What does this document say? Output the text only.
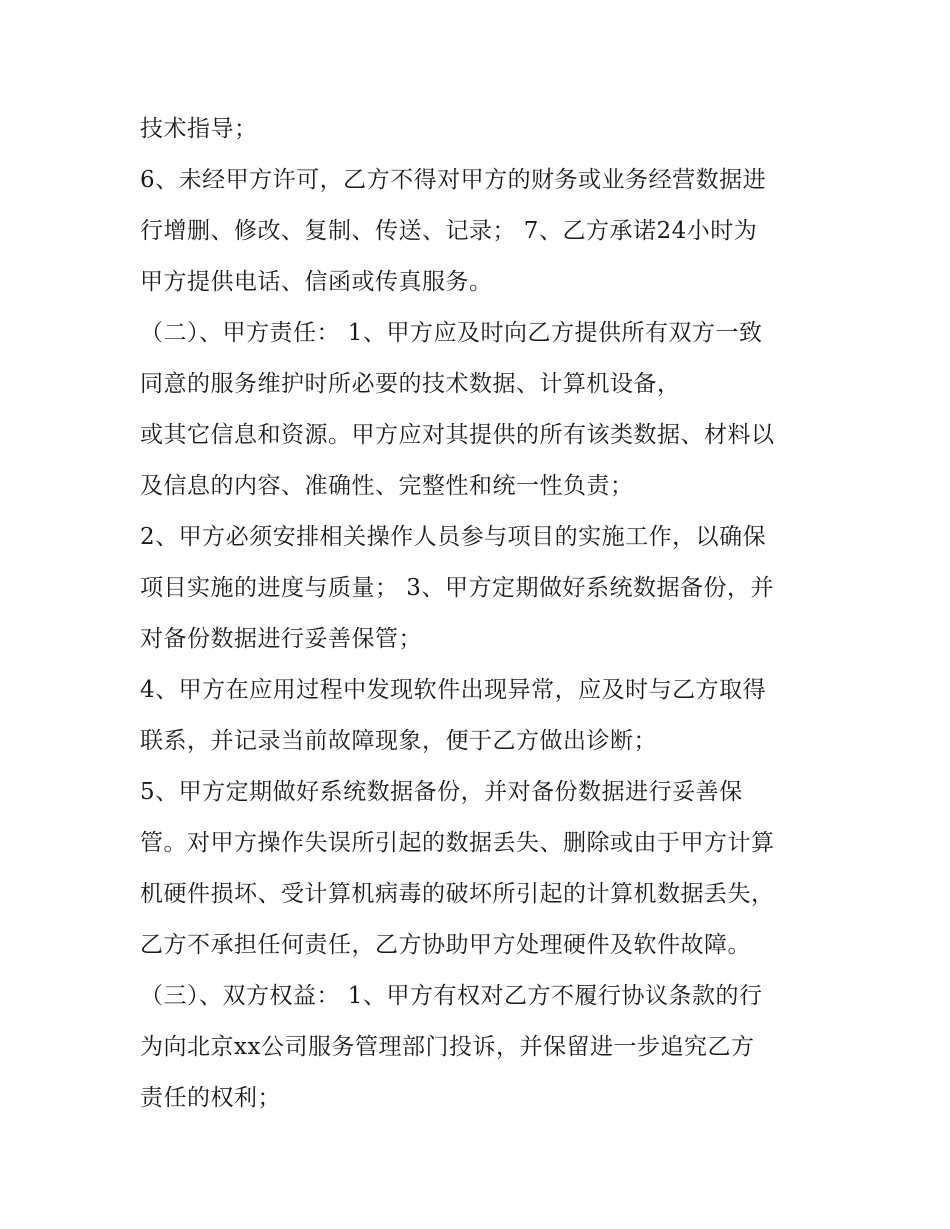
技术指导；
6、未经甲方许可，乙方不得对甲方的财务或业务经营数据进
行增删、修改、复制、传送、记录； 7、乙方承诺24小时为
甲方提供电话、信函或传真服务。
（二）、甲方责任： 1、甲方应及时向乙方提供所有双方一致
同意的服务维护时所必要的技术数据、计算机设备，
或其它信息和资源。甲方应对其提供的所有该类数据、材料以
及信息的内容、准确性、完整性和统一性负责；
2、甲方必须安排相关操作人员参与项目的实施工作，以确保
项目实施的进度与质量； 3、甲方定期做好系统数据备份，并
对备份数据进行妥善保管；
4、甲方在应用过程中发现软件出现异常，应及时与乙方取得
联系，并记录当前故障现象，便于乙方做出诊断；
5、甲方定期做好系统数据备份，并对备份数据进行妥善保
管。对甲方操作失误所引起的数据丢失、删除或由于甲方计算
机硬件损坏、受计算机病毒的破坏所引起的计算机数据丢失，
乙方不承担任何责任，乙方协助甲方处理硬件及软件故障。
（三）、双方权益： 1、甲方有权对乙方不履行协议条款的行
为向北京xx公司服务管理部门投诉，并保留进一步追究乙方
责任的权利；
